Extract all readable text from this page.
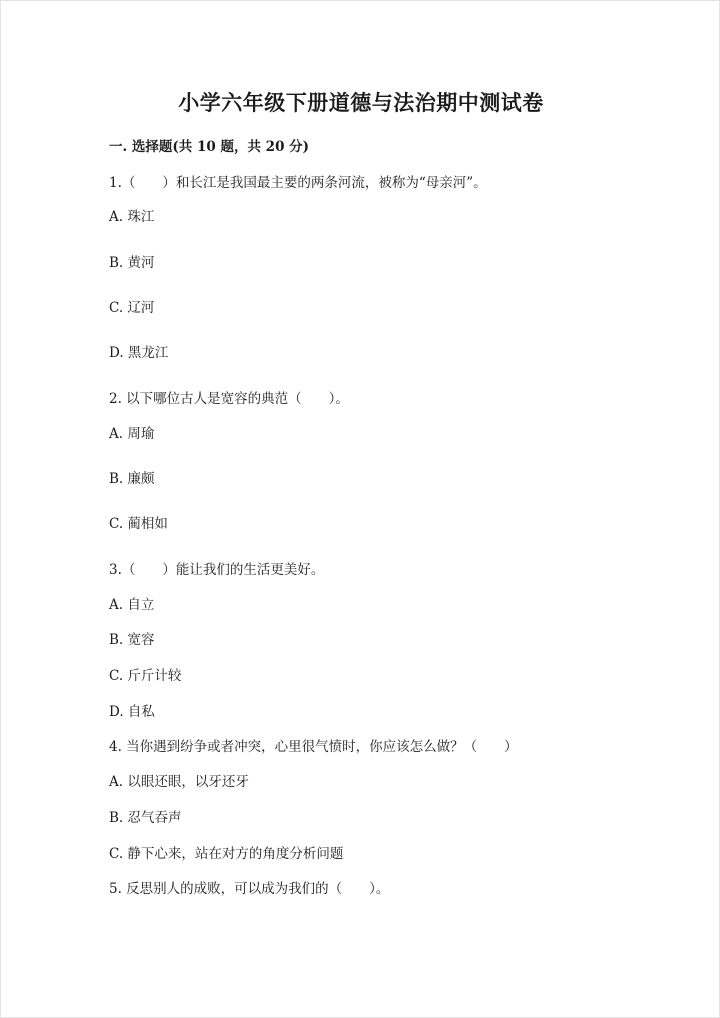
小学六年级下册道德与法治期中测试卷
一. 选择题(共 10 题，共 20 分)
1.（　　）和长江是我国最主要的两条河流，被称为“母亲河”。
A. 珠江
B. 黄河
C. 辽河
D. 黑龙江
2. 以下哪位古人是宽容的典范（　　）。
A. 周瑜
B. 廉颇
C. 蔺相如
3.（　　）能让我们的生活更美好。
A. 自立
B. 宽容
C. 斤斤计较
D. 自私
4. 当你遇到纷争或者冲突，心里很气愤时，你应该怎么做？（　　）
A. 以眼还眼，以牙还牙
B. 忍气吞声
C. 静下心来，站在对方的角度分析问题
5. 反思别人的成败，可以成为我们的（　　）。
